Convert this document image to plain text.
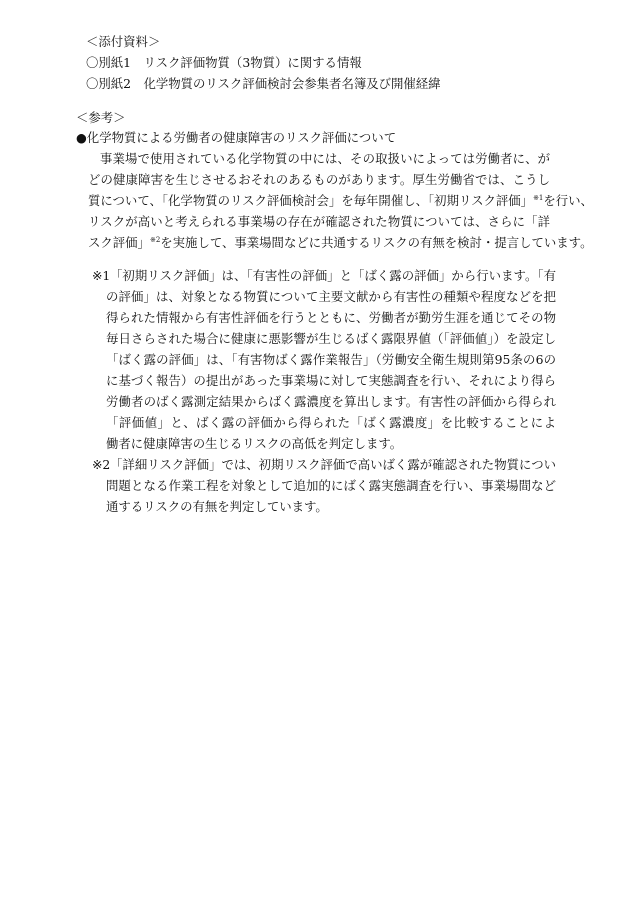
＜添付資料＞
〇別紙1　リスク評価物質（3物質）に関する情報
〇別紙2　化学物質のリスク評価検討会参集者名簿及び開催経緯
＜参考＞
●化学物質による労働者の健康障害のリスク評価について
事業場で使用されている化学物質の中には、その取扱いによっては労働者に、が
どの健康障害を生じさせるおそれのあるものがあります。厚生労働省では、こうし
質について、「化学物質のリスク評価検討会」を毎年開催し、「初期リスク評価」$^{※1}$を行い、
リスクが高いと考えられる事業場の存在が確認された物質については、さらに「詳
スク評価」$^{※2}$を実施して、事業場間などに共通するリスクの有無を検討・提言しています。
※1 「初期リスク評価」は、「有害性の評価」と「ばく露の評価」から行います。「有
の評価」は、対象となる物質について主要文献から有害性の種類や程度などを把
得られた情報から有害性評価を行うとともに、労働者が勤労生涯を通じてその物
毎日さらされた場合に健康に悪影響が生じるばく露限界値（「評価値」）を設定し
「ばく露の評価」は、「有害物ばく露作業報告」（労働安全衛生規則第95条の6の
に基づく報告）の提出があった事業場に対して実態調査を行い、それにより得ら
労働者のばく露測定結果からばく露濃度を算出します。有害性の評価から得られ
「評価値」と、ばく露の評価から得られた「ばく露濃度」を比較することによ
働者に健康障害の生じるリスクの高低を判定します。
※2 「詳細リスク評価」では、初期リスク評価で高いばく露が確認された物質につい
問題となる作業工程を対象として追加的にばく露実態調査を行い、事業場間など
通するリスクの有無を判定しています。
